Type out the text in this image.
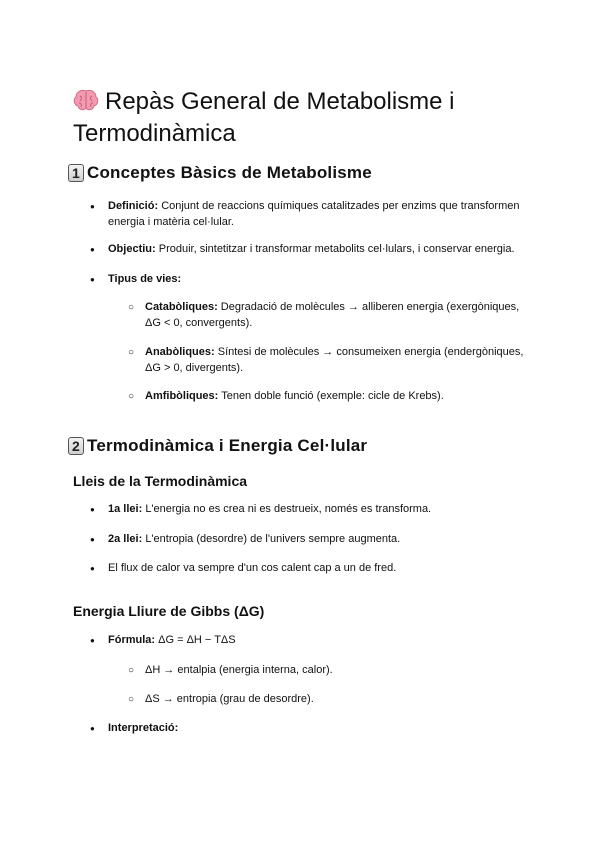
Repàs General de Metabolisme i Termodinàmica
1 Conceptes Bàsics de Metabolisme
●
Definició: Conjunt de reaccions químiques catalitzades per enzims que transformen energia i matèria cel·lular.
●
Objectiu: Produir, sintetitzar i transformar metabolits cel·lulars, i conservar energia.
●
Tipus de vies:
○
Catabòliques: Degradació de molècules → alliberen energia (exergòniques, ΔG < 0, convergents).
○
Anabòliques: Síntesi de molècules → consumeixen energia (endergòniques, ΔG > 0, divergents).
○
Amfibòliques: Tenen doble funció (exemple: cicle de Krebs).
2 Termodinàmica i Energia Cel·lular
Lleis de la Termodinàmica
●
1a llei: L'energia no es crea ni es destrueix, només es transforma.
●
2a llei: L'entropia (desordre) de l'univers sempre augmenta.
●
El flux de calor va sempre d'un cos calent cap a un de fred.
Energia Lliure de Gibbs (ΔG)
●
Fórmula: ΔG = ΔH − TΔS
○
ΔH → entalpia (energia interna, calor).
○
ΔS → entropia (grau de desordre).
●
Interpretació:
